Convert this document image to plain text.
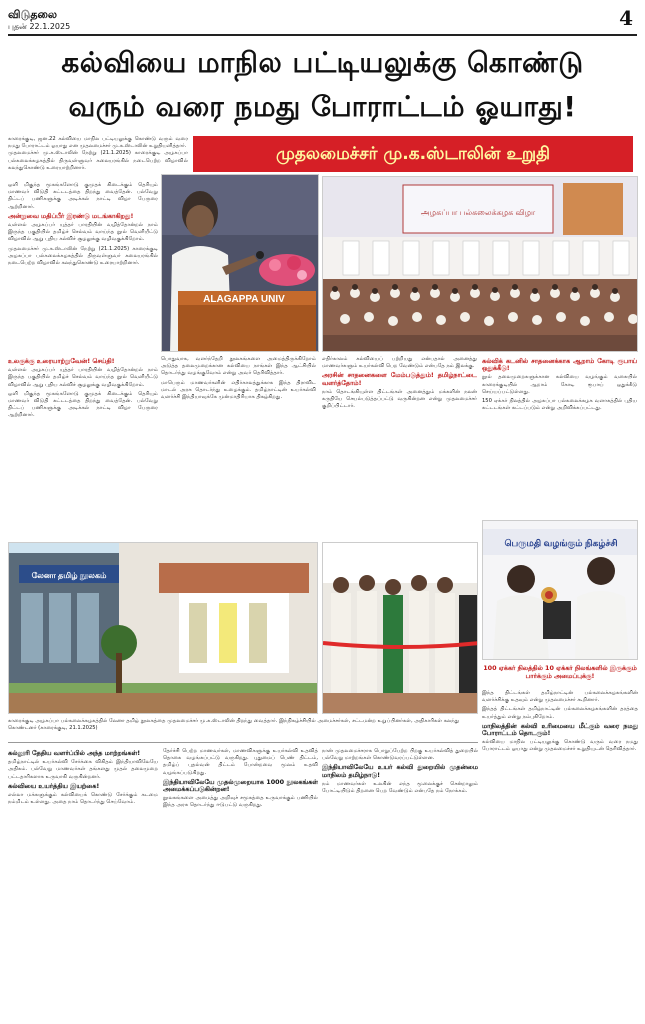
விடுதலை
புதன் 22.1.2025	4
கல்வியை மாநில பட்டியலுக்கு கொண்டு
வரும் வரை நமது போராட்டம் ஓயாது!
முதலமைச்சர் மு.க.ஸ்டாலின் உறுதி
காரைக்குடி, ஜன.22 கல்வியை மாநில பட்டியலுக்கு கொண்டு வரும் வரை நமது போராட்டம் ஓயாது என முதலமைச்சர் மு.க.ஸ்டாலின் உறுதியளித்தார்.
முதலமைச்சர் மு.க.ஸ்டாலின் நேற்று (21.1.2025) காரைக்குடி அழகப்பா பல்கலைக்கழகத்தில் திருவள்ளுவர் கலையரங்கில் நடைபெற்ற விழாவில் கலந்துகொண்டு உரையாற்றினார்.
ALAGAPPA UNIV

ஒளி மிகுந்த மூகங்களோடு குமுதக் கிடைக்கும் தெரியும் மாணவர் விடுதி கட்டடத்தை திறந்து வைத்தேன். பல்வேறு திட்டப் பணிகளுக்கு அடிக்கல் நாட்டி விழா பேருரை ஆற்றினார்.

அன்றுவை மதிப்பீர் இரண்டு மடங்காகிறது!

வள்ளல் அழகப்பர் யுத்தர் பாரதியின் வழித்தோன்றல் நாம் இருந்த பகுதியில் தமிழ்ச் செல்வம் வாய்ந்த நூல் வெளியீட்டு விழாவில் ஆறு புதிய கல்விச் சூழலுக்கு வழிவகுக்கிறோம்.

முதலமைச்சர் மு.க.ஸ்டாலின் நேற்று (21.1.2025) காரைக்குடி அழகப்பா பல்கலைக்கழகத்தில் திருவள்ளுவர் கலையரங்கில் நடைபெற்ற விழாவில் கலந்துகொண்டு உரையாற்றினார்.

அழகப்பா பல்கலைக்கழக விழா

பொதுவாக, வளர்ந்தேறி நூலகங்களை அமைத்திருக்கிறோம் அடுத்த தலைமுறைக்கான கல்வியை நாங்கள் இந்த ஆட்சியில் தொடர்ந்து வழங்குவோம் என்று அவர் தெரிவித்தார்.

மாபெரும் மாணவர்களின் எதிர்காலத்துக்காக இந்த திராவிட மாடல் அரசு தொடர்ந்து உழைக்கும். தமிழ்நாட்டின் உயர்கல்வி வளர்ச்சி இந்தியாவுக்கே முன்மாதிரியாக திகழ்கிறது.

உலகுக்கு உரையாற்றுவேன்! செய்தி!

வள்ளல் அழகப்பர் யுத்தர் பாரதியின் வழித்தோன்றல் நாம் இருந்த பகுதியில் தமிழ்ச் செல்வம் வாய்ந்த நூல் வெளியீட்டு விழாவில் ஆறு புதிய கல்விச் சூழலுக்கு வழிவகுக்கிறோம்.

ஒளி மிகுந்த மூகங்களோடு குமுதக் கிடைக்கும் தெரியும் மாணவர் விடுதி கட்டடத்தை திறந்து வைத்தேன். பல்வேறு திட்டப் பணிகளுக்கு அடிக்கல் நாட்டி விழா பேருரை ஆற்றினார்.

எதிர்காலம் கல்வியைப் பற்றியது என்பதால் அனைத்து மாணவர்களும் உயர்கல்வி பெற வேண்டும் என்பதே நம் இலக்கு.

அரசின் சாதனைகளை மேம்படுத்தும்! தமிழ்நாட்டை வளர்த்தோம்!

நாம் தொடங்கியுள்ள திட்டங்கள் அனைத்தும் மக்களின் நலன் கருதியே செயல்படுத்தப்பட்டு வருகின்றன என்று முதலமைச்சர் குறிப்பிட்டார்.

கல்விக் கடனில் சாதனைக்காக ஆறாம் கோடி ரூபாய் ஒதுக்கீடு!

நூல் தலைமுறைகளுக்கான கல்வியை வழங்கும் வகையில் காரைக்குடியில் ஆறாம் கோடி ரூபாய் ஒதுக்கீடு செய்யப்பட்டுள்ளது.

150 ஏக்கர் நிலத்தில் அழகப்பா பல்கலைக்கழக வளாகத்தில் புதிய கட்டடங்கள் கட்டப்படும் என்று அறிவிக்கப்பட்டது.

லேனா தமிழ் நூலகம்
பெருமதி வழங்கும் நிகழ்ச்சி
100 ஏக்கர் நிலத்தில் 10 ஏக்கர் நிலங்களில் இருக்கும் பார்க்கும் அமைப்புக்கு!
காரைக்குடி அழகப்பா பல்கலைக்கழகத்தில் லேனா தமிழ் நூலகத்தை முதலமைச்சர் மு.க.ஸ்டாலின் திறந்து வைத்தார். இந்நிகழ்ச்சியில் அமைச்சர்கள், சட்டமன்ற உறுப்பினர்கள், அதிகாரிகள் கலந்து கொண்டனர் (காரைக்குடி, 21.1.2025)
கல்லூரி தேதிய வளர்ப்பில் அந்த மாற்றங்கள்!

தமிழ்நாட்டில் உயர்கல்வி சேர்க்கை விகிதம் இந்தியாவிலேயே அதிகம். பல்வேறு மாணவர்கள் தங்களது முதல் தலைமுறை பட்டதாரிகளாக உருவாகி வருகின்றனர்.

கல்வியை உயர்த்திய இயற்கை!

எல்லா மக்களுக்கும் கல்வியைக் கொண்டு சேர்க்கும் கடமை நம்மிடம் உள்ளது. அதை நாம் தொடர்ந்து செய்வோம்.

தேர்ச்சி பெற்ற மாணவர்கள், மாணவிகளுக்கு உயர்கல்வி உதவித் தொகை வழங்கப்பட்டு வருகிறது. புதுமைப் பெண் திட்டம், தமிழ்ப் புதல்வன் திட்டம் போன்றவை மூலம் உதவி வழங்கப்படுகிறது.

இந்தியாவிலேயே முதல்முறையாக 1000 நூலகங்கள் அமைக்கப்படுகின்றன!

நூலகங்களை அமைத்து அறிவுச் சமூகத்தை உருவாக்கும் பணியில் இந்த அரசு தொடர்ந்து ஈடுபட்டு வருகிறது.

நான் முதலமைச்சராக பொறுப்பேற்ற பிறகு உயர்கல்வித் துறையில் பல்வேறு மாற்றங்கள் கொண்டுவரப்பட்டுள்ளன.

இந்தியாவிலேயே உயர் கல்வி துறையில் முதன்மை மாநிலம் தமிழ்நாடு!

நம் மாணவர்கள் உலகின் எந்த மூலைக்குச் சென்றாலும் போட்டியிடும் திறனை பெற வேண்டும் என்பதே நம் நோக்கம்.

இந்த திட்டங்கள் தமிழ்நாட்டின் பல்கலைக்கழகங்களின் வளர்ச்சிக்கு உதவும் என்று முதலமைச்சர் கூறினார்.

இந்தத் திட்டங்கள் தமிழ்நாட்டின் பல்கலைக்கழகங்களின் தரத்தை உயர்த்தும் என்று நம்புகிறோம்.

மாநிலத்தின் கல்வி உரிமையை மீட்கும் வரை நமது போராட்டம் தொடரும்!

கல்வியை மாநில பட்டியலுக்கு கொண்டு வரும் வரை நமது போராட்டம் ஓயாது என்று முதலமைச்சர் உறுதியுடன் தெரிவித்தார்.
